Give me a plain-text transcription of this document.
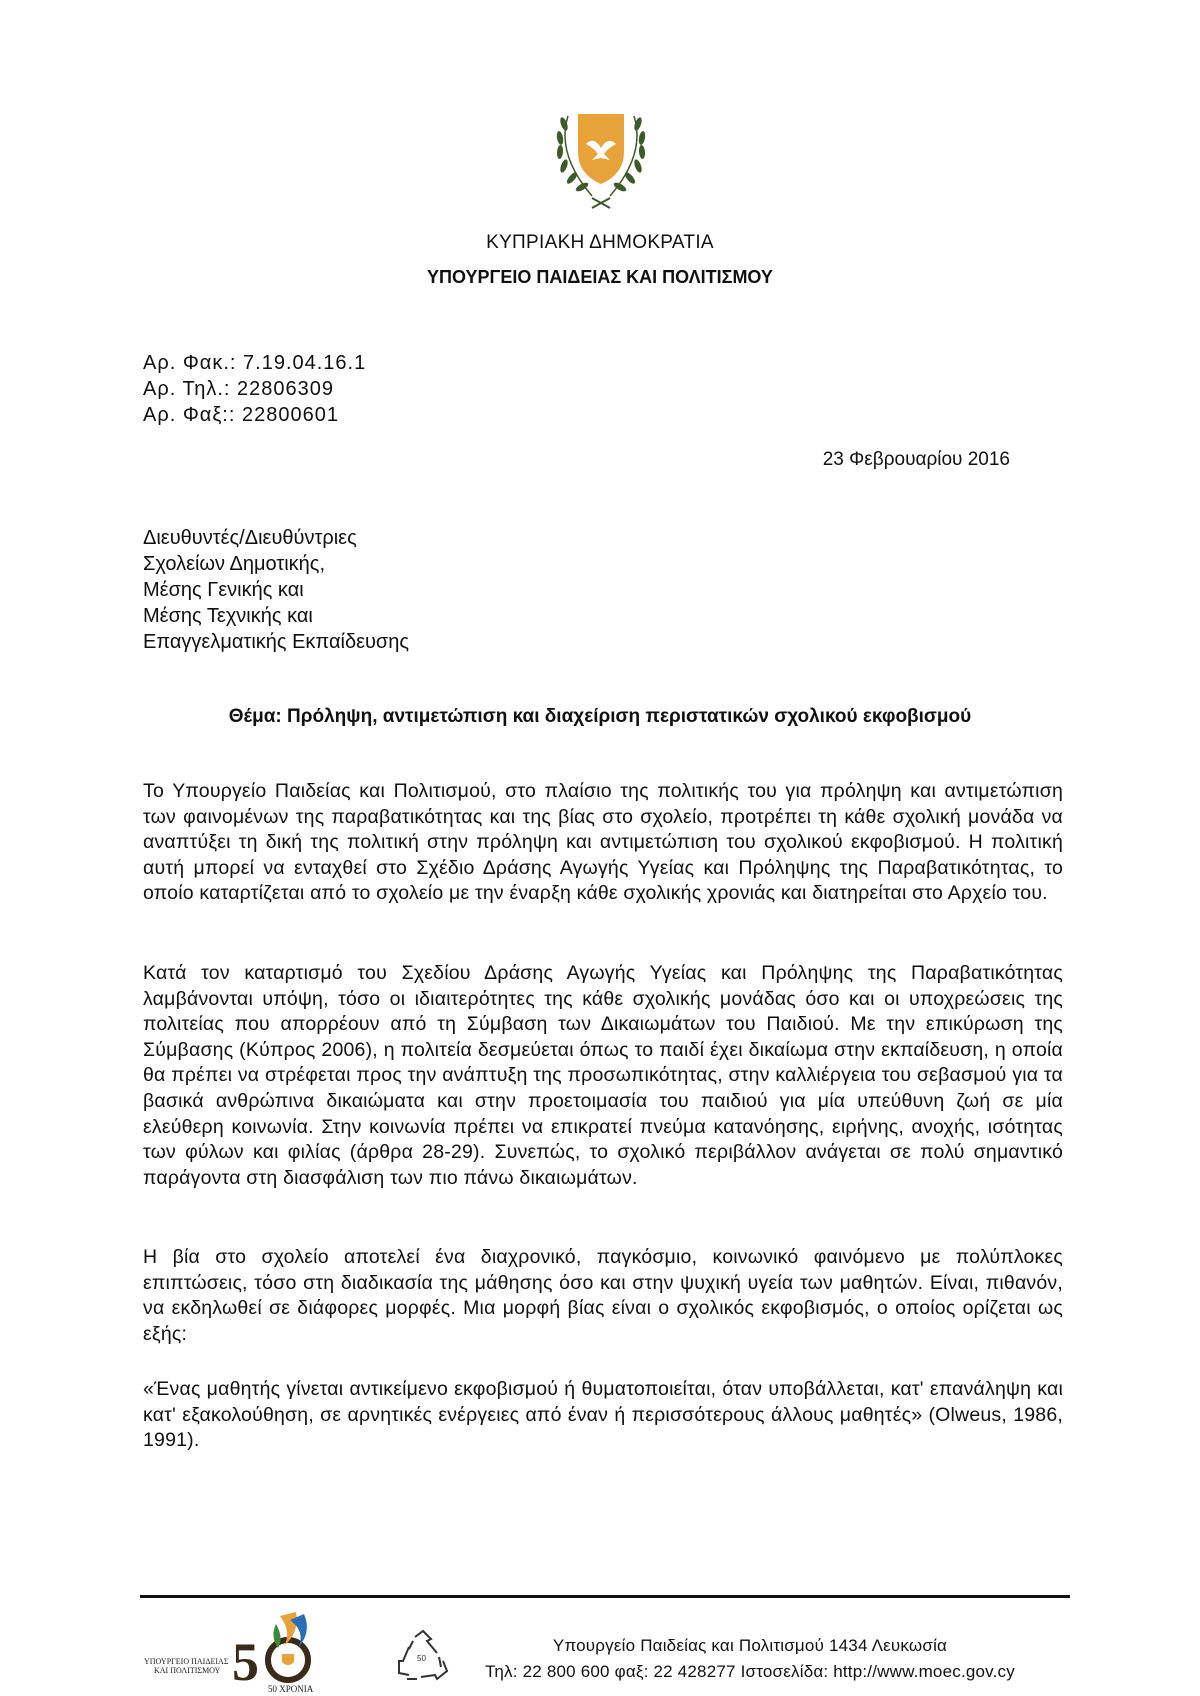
ΚΥΠΡΙΑΚΗ ΔΗΜΟΚΡΑΤΙΑ
ΥΠΟΥΡΓΕΙΟ ΠΑΙΔΕΙΑΣ ΚΑΙ ΠΟΛΙΤΙΣΜΟΥ
Αρ. Φακ.: 7.19.04.16.1
Αρ. Τηλ.: 22806309
Αρ. Φαξ:: 22800601
23 Φεβρουαρίου 2016
Διευθυντές/Διευθύντριες
Σχολείων Δημοτικής,
Μέσης Γενικής και
Μέσης Τεχνικής και
Επαγγελματικής Εκπαίδευσης
Θέμα: Πρόληψη, αντιμετώπιση και διαχείριση περιστατικών σχολικού εκφοβισμού
Το Υπουργείο Παιδείας και Πολιτισμού, στο πλαίσιο της πολιτικής του για πρόληψη και αντιμετώπιση των φαινομένων της παραβατικότητας και της βίας στο σχολείο, προτρέπει τη κάθε σχολική μονάδα να αναπτύξει τη δική της πολιτική στην πρόληψη και αντιμετώπιση του σχολικού εκφοβισμού. Η πολιτική αυτή μπορεί να ενταχθεί στο Σχέδιο Δράσης Αγωγής Υγείας και Πρόληψης της Παραβατικότητας, το οποίο καταρτίζεται από το σχολείο με την έναρξη κάθε σχολικής χρονιάς και διατηρείται στο Αρχείο του.
Κατά τον καταρτισμό του Σχεδίου Δράσης Αγωγής Υγείας και Πρόληψης της Παραβατικότητας λαμβάνονται υπόψη, τόσο οι ιδιαιτερότητες της κάθε σχολικής μονάδας όσο και οι υποχρεώσεις της πολιτείας που απορρέουν από τη Σύμβαση των Δικαιωμάτων του Παιδιού. Με την επικύρωση της Σύμβασης (Κύπρος 2006), η πολιτεία δεσμεύεται όπως το παιδί έχει δικαίωμα στην εκπαίδευση, η οποία θα πρέπει να στρέφεται προς την ανάπτυξη της προσωπικότητας, στην καλλιέργεια του σεβασμού για τα βασικά ανθρώπινα δικαιώματα και στην προετοιμασία του παιδιού για μία υπεύθυνη ζωή σε μία ελεύθερη κοινωνία. Στην κοινωνία πρέπει να επικρατεί πνεύμα κατανόησης, ειρήνης, ανοχής, ισότητας των φύλων και φιλίας (άρθρα 28-29). Συνεπώς, το σχολικό περιβάλλον ανάγεται σε πολύ σημαντικό παράγοντα στη διασφάλιση των πιο πάνω δικαιωμάτων.
Η βία στο σχολείο αποτελεί ένα διαχρονικό, παγκόσμιο, κοινωνικό φαινόμενο με πολύπλοκες επιπτώσεις, τόσο στη διαδικασία της μάθησης όσο και στην ψυχική υγεία των μαθητών. Είναι, πιθανόν, να εκδηλωθεί σε διάφορες μορφές. Μια μορφή βίας είναι ο σχολικός εκφοβισμός, ο οποίος ορίζεται ως εξής:
«Ένας μαθητής γίνεται αντικείμενο εκφοβισμού ή θυματοποιείται, όταν υποβάλλεται, κατ' επανάληψη και κατ' εξακολούθηση, σε αρνητικές ενέργειες από έναν ή περισσότερους άλλους μαθητές» (Olweus, 1986, 1991).
ΥΠΟΥΡΓΕΙΟ ΠΑΙΔΕΙΑΣ
ΚΑΙ ΠΟΛΙΤΙΣΜΟΥ 5 50 ΧΡΟΝΙΑ
50
Υπουργείο Παιδείας και Πολιτισμού 1434 Λευκωσία
Τηλ: 22 800 600 φαξ: 22 428277 Ιστοσελίδα: http://www.moec.gov.cy
